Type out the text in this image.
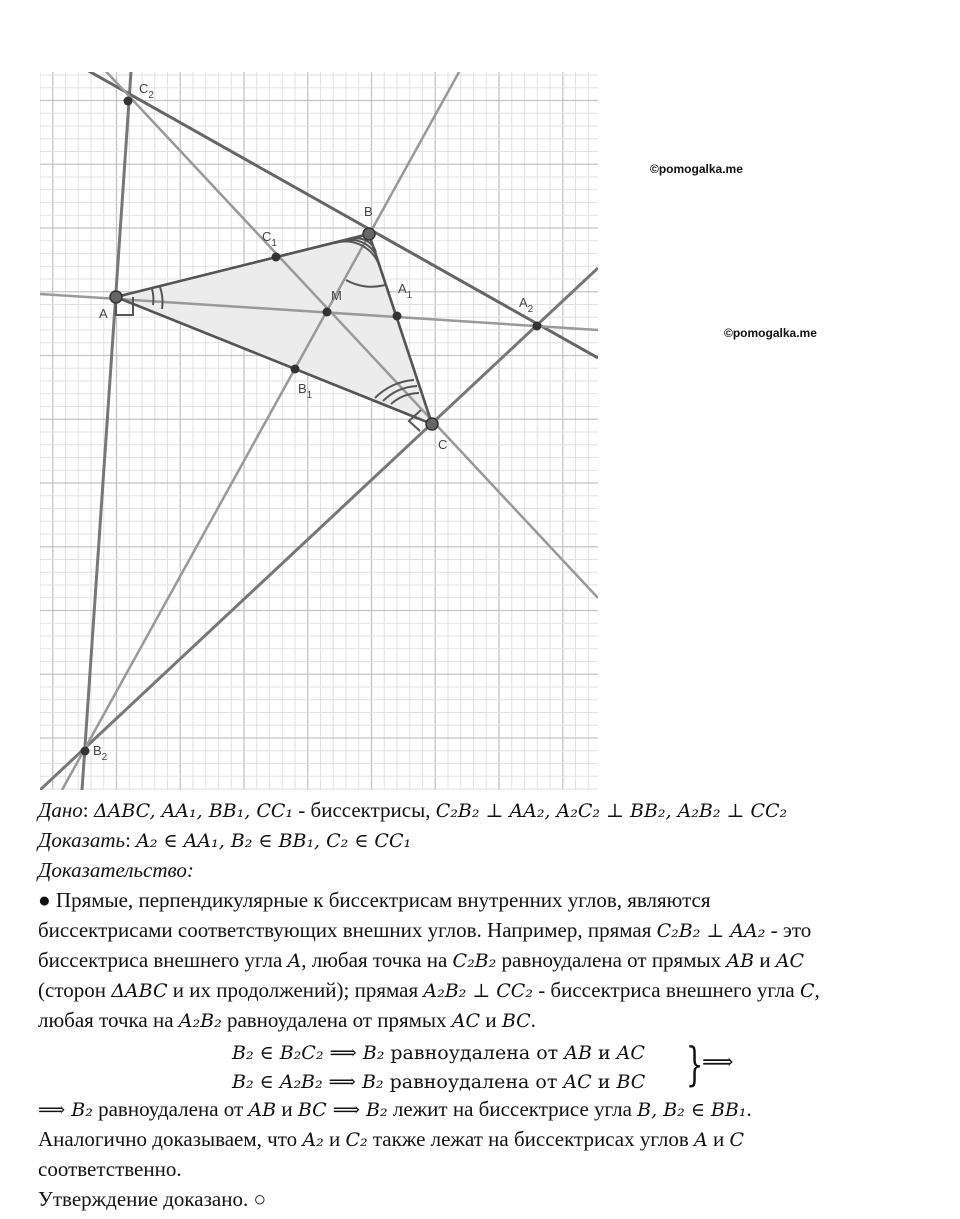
A
B
C
M
$C_1$
$A_1$
$B_1$
$A_2$
$B_2$
$C_2$
©pomogalka.me
©pomogalka.me
Дано: ΔABC, AA₁, BB₁, CC₁ - биссектрисы, C₂B₂ ⊥ AA₂, A₂C₂ ⊥ BB₂, A₂B₂ ⊥ CC₂
Доказать: A₂ ∈ AA₁, B₂ ∈ BB₁, C₂ ∈ CC₁
Доказательство:
● Прямые, перпендикулярные к биссектрисам внутренних углов, являются
биссектрисами соответствующих внешних углов. Например, прямая C₂B₂ ⊥ AA₂ - это
биссектриса внешнего угла A, любая точка на C₂B₂ равноудалена от прямых AB и AC
(сторон ΔABC и их продолжений); прямая A₂B₂ ⊥ CC₂ - биссектриса внешнего угла C,
любая точка на A₂B₂ равноудалена от прямых AC и BC.
B₂ ∈ B₂C₂ ⟹ B₂ равноудалена от AB и AC
B₂ ∈ A₂B₂ ⟹ B₂ равноудалена от AC и BC }
⟹
⟹ B₂ равноудалена от AB и BC ⟹ B₂ лежит на биссектрисе угла B, B₂ ∈ BB₁.
Аналогично доказываем, что A₂ и C₂ также лежат на биссектрисах углов A и C
соответственно.
Утверждение доказано. ○
